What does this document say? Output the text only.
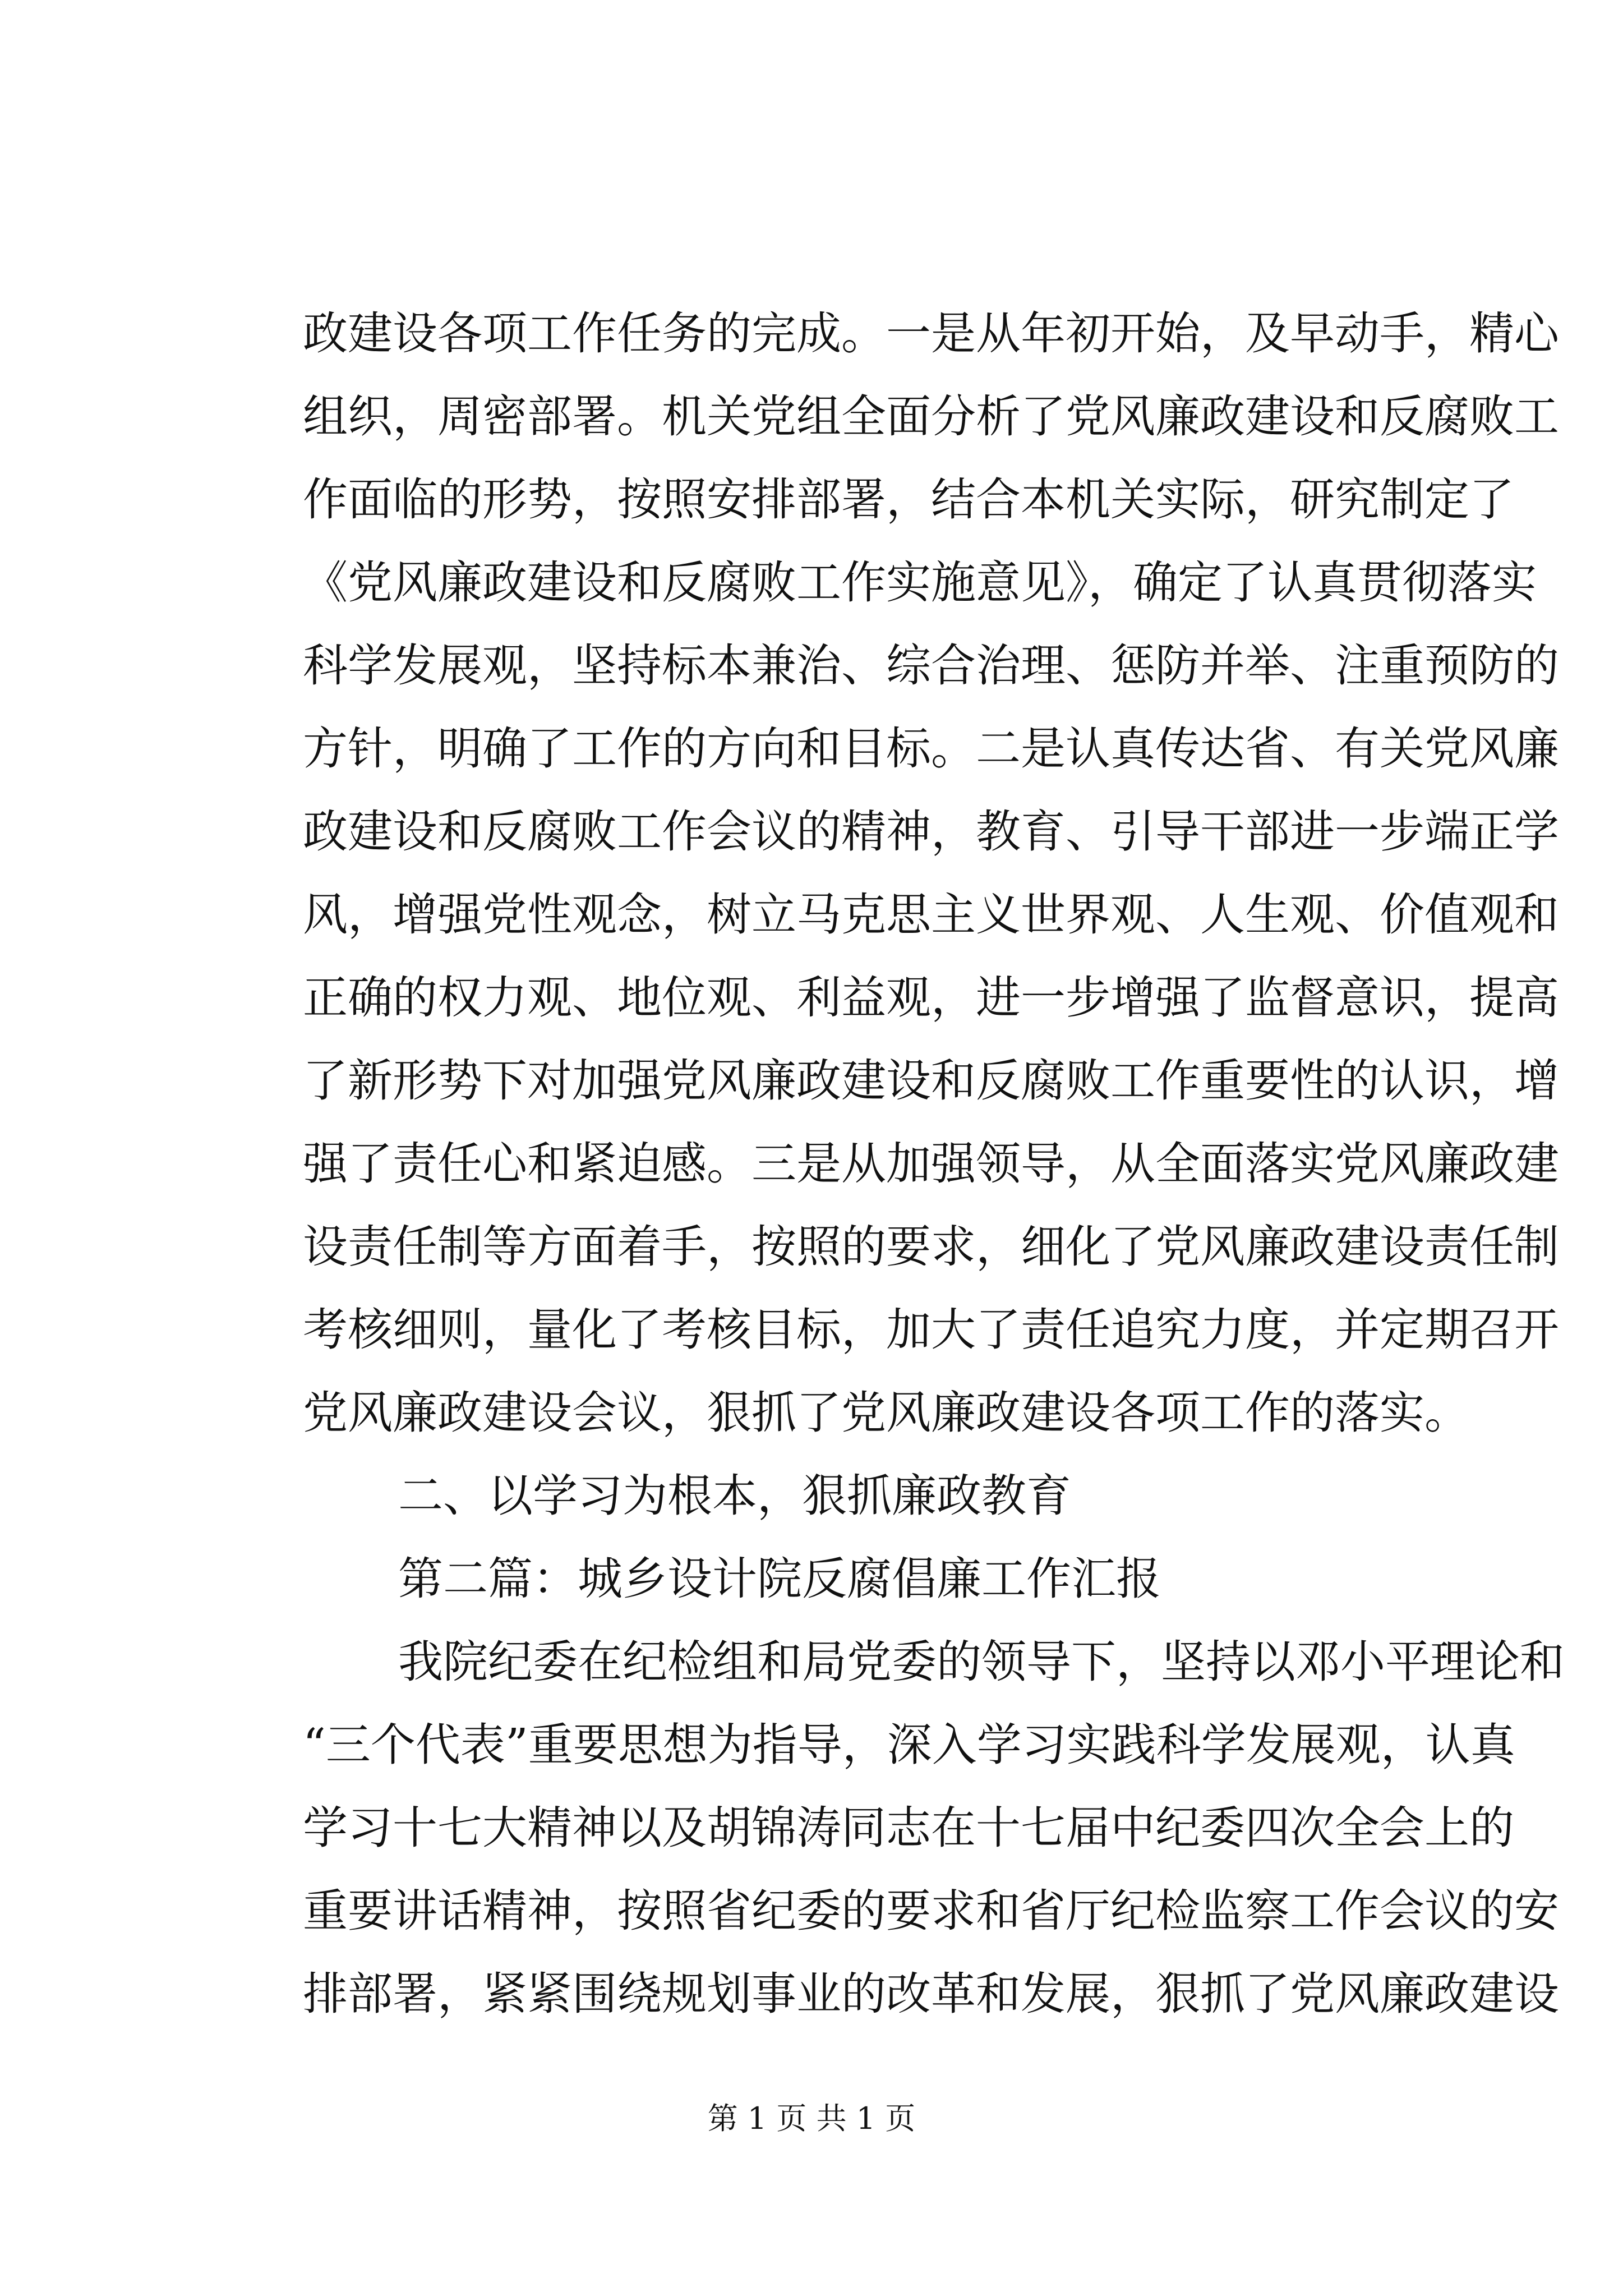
政建设各项工作任务的完成。一是从年初开始，及早动手，精心
组织，周密部署。机关党组全面分析了党风廉政建设和反腐败工
作面临的形势，按照安排部署，结合本机关实际，研究制定了
《党风廉政建设和反腐败工作实施意见》，确定了认真贯彻落实
科学发展观，坚持标本兼治、综合治理、惩防并举、注重预防的
方针，明确了工作的方向和目标。二是认真传达省、有关党风廉
政建设和反腐败工作会议的精神，教育、引导干部进一步端正学
风，增强党性观念，树立马克思主义世界观、人生观、价值观和
正确的权力观、地位观、利益观，进一步增强了监督意识，提高
了新形势下对加强党风廉政建设和反腐败工作重要性的认识，增
强了责任心和紧迫感。三是从加强领导，从全面落实党风廉政建
设责任制等方面着手，按照的要求，细化了党风廉政建设责任制
考核细则，量化了考核目标，加大了责任追究力度，并定期召开
党风廉政建设会议，狠抓了党风廉政建设各项工作的落实。
二、以学习为根本，狠抓廉政教育
第二篇：城乡设计院反腐倡廉工作汇报
我院纪委在纪检组和局党委的领导下，坚持以邓小平理论和
“三个代表”重要思想为指导，深入学习实践科学发展观，认真
学习十七大精神以及胡锦涛同志在十七届中纪委四次全会上的
重要讲话精神，按照省纪委的要求和省厅纪检监察工作会议的安
排部署，紧紧围绕规划事业的改革和发展，狠抓了党风廉政建设
第 1 页 共 1 页
